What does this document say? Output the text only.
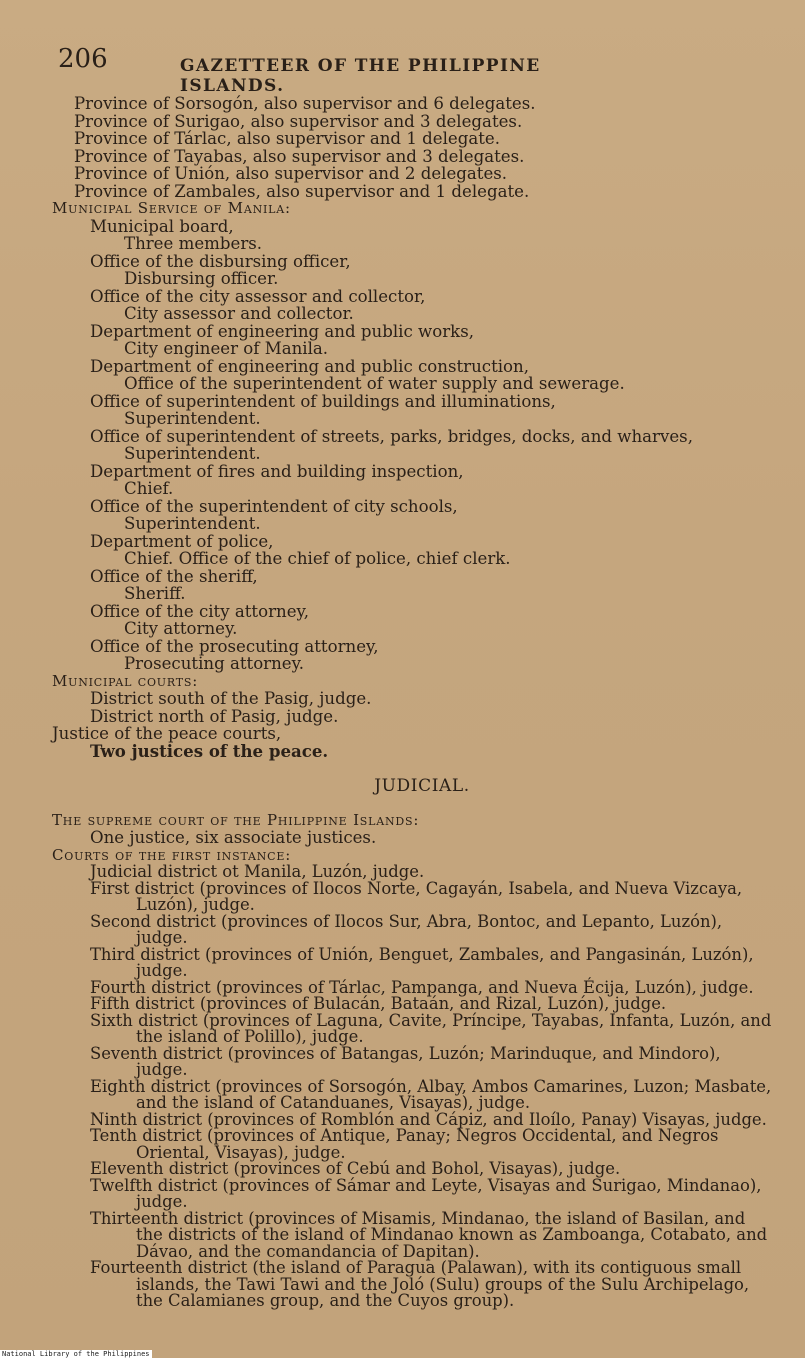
206	GAZETTEER OF THE PHILIPPINE ISLANDS.
Province of Sorsogón, also supervisor and 6 delegates.
Province of Surigao, also supervisor and 3 delegates.
Province of Tárlac, also supervisor and 1 delegate.
Province of Tayabas, also supervisor and 3 delegates.
Province of Unión, also supervisor and 2 delegates.
Province of Zambales, also supervisor and 1 delegate.
Municipal Service of Manila:
Municipal board,
Three members.
Office of the disbursing officer,
Disbursing officer.
Office of the city assessor and collector,
City assessor and collector.
Department of engineering and public works,
City engineer of Manila.
Department of engineering and public construction,
Office of the superintendent of water supply and sewerage.
Office of superintendent of buildings and illuminations,
Superintendent.
Office of superintendent of streets, parks, bridges, docks, and wharves,
Superintendent.
Department of fires and building inspection,
Chief.
Office of the superintendent of city schools,
Superintendent.
Department of police,
Chief. Office of the chief of police, chief clerk.
Office of the sheriff,
Sheriff.
Office of the city attorney,
City attorney.
Office of the prosecuting attorney,
Prosecuting attorney.
Municipal courts:
District south of the Pasig, judge.
District north of Pasig, judge.
Justice of the peace courts,
Two justices of the peace.
JUDICIAL.
The supreme court of the Philippine Islands:
One justice, six associate justices.
Courts of the first instance:
Judicial district ot Manila, Luzón, judge.
First district (provinces of Ilocos Norte, Cagayán, Isabela, and Nueva Vizcaya, Luzón), judge.
Second district (provinces of Ilocos Sur, Abra, Bontoc, and Lepanto, Luzón), judge.
Third district (provinces of Unión, Benguet, Zambales, and Pangasinán, Luzón), judge.
Fourth district (provinces of Tárlac, Pampanga, and Nueva Écija, Luzón), judge.
Fifth district (provinces of Bulacán, Bataán, and Rizal, Luzón), judge.
Sixth district (provinces of Laguna, Cavite, Príncipe, Tayabas, Infanta, Luzón, and the island of Polillo), judge.
Seventh district (provinces of Batangas, Luzón; Marinduque, and Mindoro), judge.
Eighth district (provinces of Sorsogón, Albay, Ambos Camarines, Luzon; Masbate, and the island of Catanduanes, Visayas), judge.
Ninth district (provinces of Romblón and Cápiz, and Iloílo, Panay) Visayas, judge.
Tenth district (provinces of Antique, Panay; Negros Occidental, and Negros Oriental, Visayas), judge.
Eleventh district (provinces of Cebú and Bohol, Visayas), judge.
Twelfth district (provinces of Sámar and Leyte, Visayas and Surigao, Mindanao), judge.
Thirteenth district (provinces of Misamis, Mindanao, the island of Basilan, and the districts of the island of Mindanao known as Zamboanga, Cotabato, and Dávao, and the comandancia of Dapitan).
Fourteenth district (the island of Paragua (Palawan), with its contiguous small islands, the Tawi Tawi and the Joló (Sulu) groups of the Sulu Archipelago, the Calamianes group, and the Cuyos group).
National Library of the Philippines
